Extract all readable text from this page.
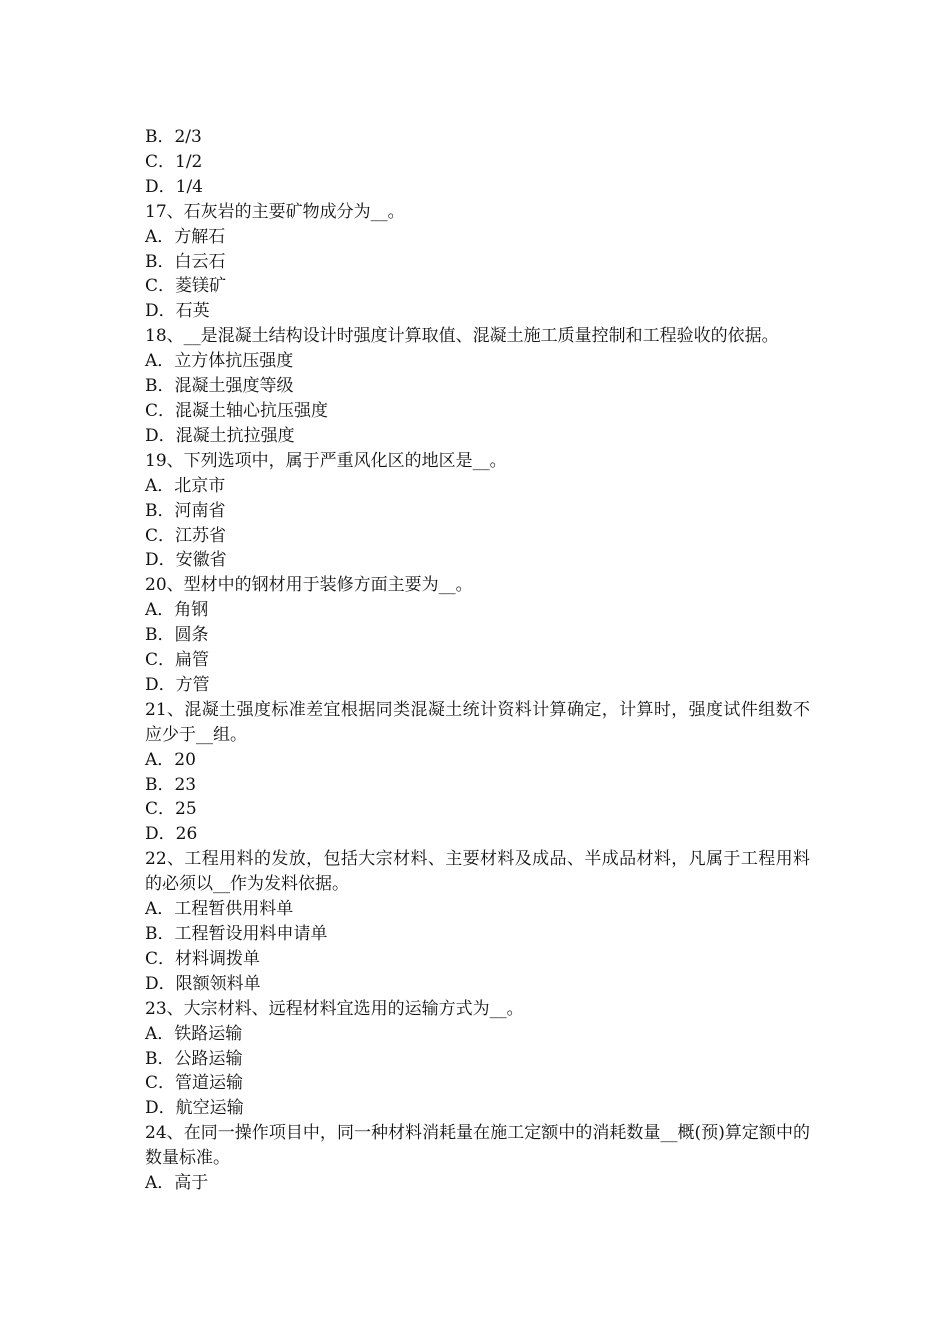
B．2/3

C．1/2

D．1/4

17、石灰岩的主要矿物成分为__。

A．方解石

B．白云石

C．菱镁矿

D．石英

18、__是混凝土结构设计时强度计算取值、混凝土施工质量控制和工程验收的依据。

A．立方体抗压强度

B．混凝土强度等级

C．混凝土轴心抗压强度

D．混凝土抗拉强度

19、下列选项中，属于严重风化区的地区是__。

A．北京市

B．河南省

C．江苏省

D．安徽省

20、型材中的钢材用于装修方面主要为__。

A．角钢

B．圆条

C．扁管

D．方管

21、混凝土强度标准差宜根据同类混凝土统计资料计算确定，计算时，强度试件组数不应少于__组。

A．20

B．23

C．25

D．26

22、工程用料的发放，包括大宗材料、主要材料及成品、半成品材料，凡属于工程用料的必须以__作为发料依据。

A．工程暂供用料单

B．工程暂设用料申请单

C．材料调拨单

D．限额领料单

23、大宗材料、远程材料宜选用的运输方式为__。

A．铁路运输

B．公路运输

C．管道运输

D．航空运输

24、在同一操作项目中，同一种材料消耗量在施工定额中的消耗数量__概(预)算定额中的数量标准。

A．高于
